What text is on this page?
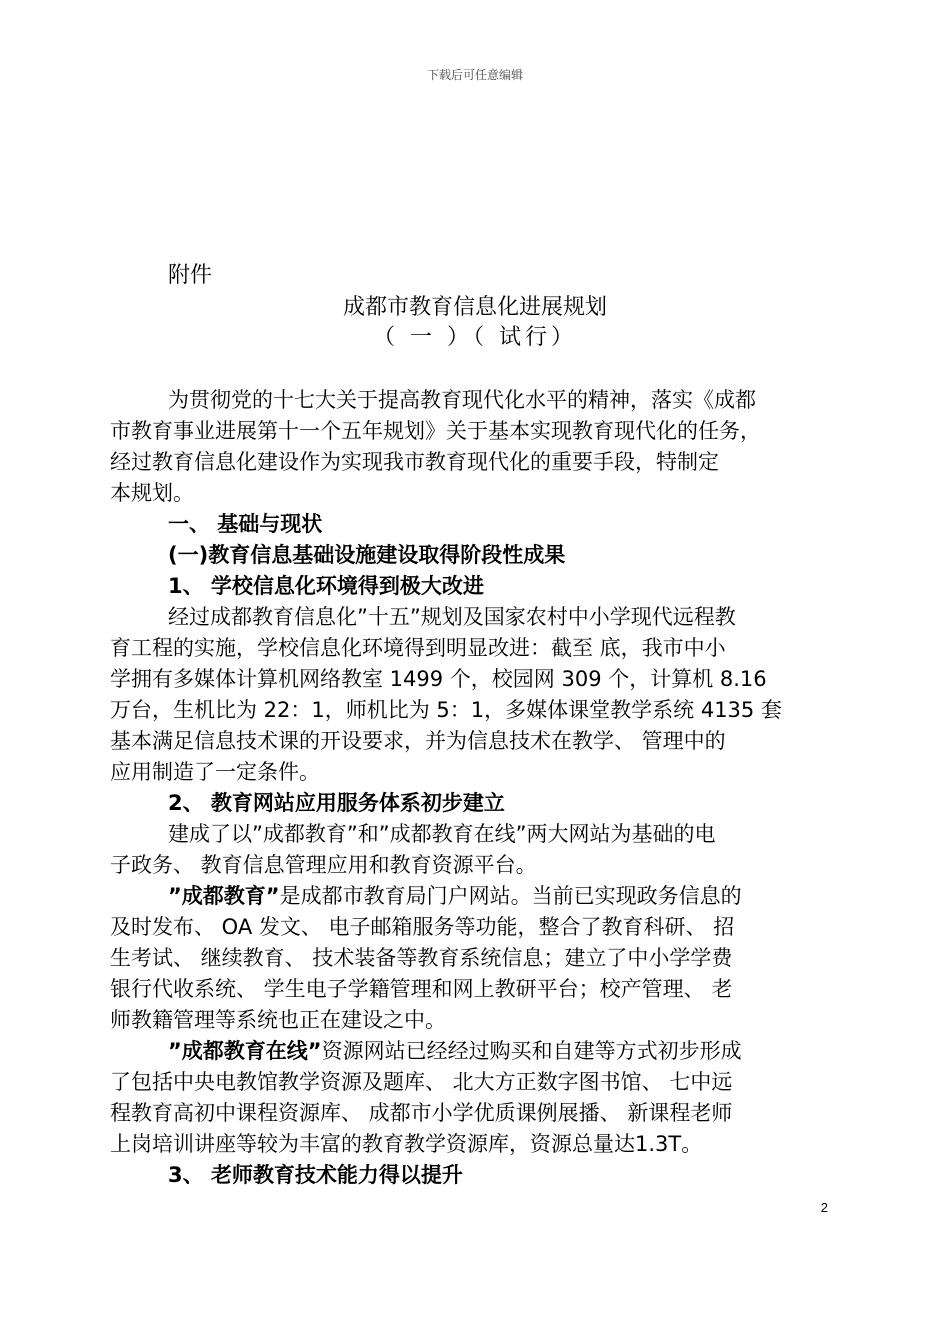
下载后可任意编辑
附件
成都市教育信息化进展规划
（ 一 ）（ 试行）
为贯彻党的十七大关于提高教育现代化水平的精神，落实《成都
市教育事业进展第十一个五年规划》关于基本实现教育现代化的任务，
经过教育信息化建设作为实现我市教育现代化的重要手段，特制定
本规划。
一、 基础与现状
(一)教育信息基础设施建设取得阶段性成果
1、 学校信息化环境得到极大改进
经过成都教育信息化”十五”规划及国家农村中小学现代远程教
育工程的实施，学校信息化环境得到明显改进：截至 底，我市中小
学拥有多媒体计算机网络教室 1499 个，校园网 309 个，计算机 8.16
万台，生机比为 22：1，师机比为 5：1，多媒体课堂教学系统 4135 套
基本满足信息技术课的开设要求，并为信息技术在教学、 管理中的
应用制造了一定条件。
2、 教育网站应用服务体系初步建立
建成了以”成都教育”和”成都教育在线”两大网站为基础的电
子政务、 教育信息管理应用和教育资源平台。
”成都教育”是成都市教育局门户网站。当前已实现政务信息的
及时发布、 OA 发文、 电子邮箱服务等功能，整合了教育科研、 招
生考试、 继续教育、 技术装备等教育系统信息；建立了中小学学费
银行代收系统、 学生电子学籍管理和网上教研平台；校产管理、 老
师教籍管理等系统也正在建设之中。
”成都教育在线”资源网站已经经过购买和自建等方式初步形成
了包括中央电教馆教学资源及题库、 北大方正数字图书馆、 七中远
程教育高初中课程资源库、 成都市小学优质课例展播、 新课程老师
上岗培训讲座等较为丰富的教育教学资源库，资源总量达1.3T。
3、 老师教育技术能力得以提升
2
